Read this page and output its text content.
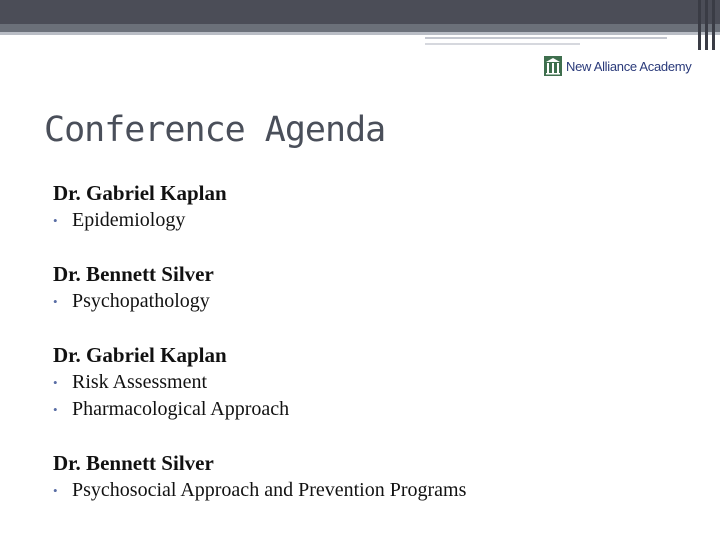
New Alliance Academy
Conference Agenda
Dr. Gabriel Kaplan
• Epidemiology
Dr. Bennett Silver
• Psychopathology
Dr. Gabriel Kaplan
• Risk Assessment
• Pharmacological Approach
Dr. Bennett Silver
• Psychosocial Approach and Prevention Programs
